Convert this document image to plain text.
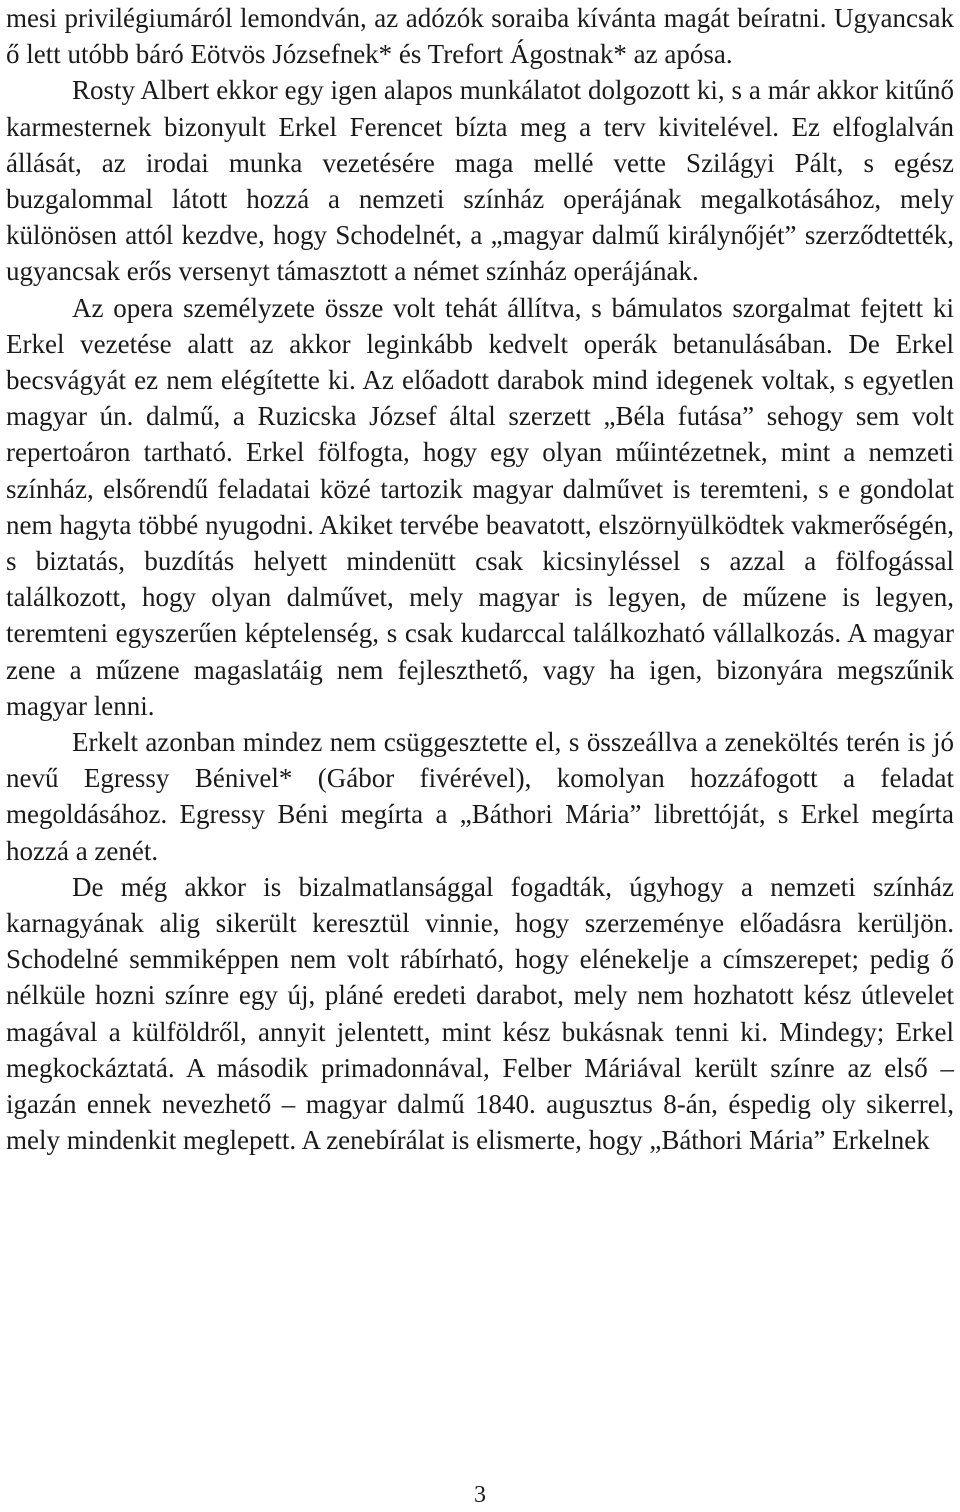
mesi privilégiumáról lemondván, az adózók soraiba kívánta magát beíratni. Ugyancsak ő lett utóbb báró Eötvös Józsefnek* és Trefort Ágostnak* az apósa.

Rosty Albert ekkor egy igen alapos munkálatot dolgozott ki, s a már akkor kitűnő karmesternek bizonyult Erkel Ferencet bízta meg a terv kivitelével. Ez elfoglalván állását, az irodai munka vezetésére maga mellé vette Szilágyi Pált, s egész buzgalommal látott hozzá a nemzeti színház operájának megalkotásához, mely különösen attól kezdve, hogy Schodelnét, a „magyar dalmű királynőjét” szerződtették, ugyancsak erős versenyt támasztott a német színház operájának.

Az opera személyzete össze volt tehát állítva, s bámulatos szorgalmat fejtett ki Erkel vezetése alatt az akkor leginkább kedvelt operák betanulásában. De Erkel becsvágyát ez nem elégítette ki. Az előadott darabok mind idegenek voltak, s egyetlen magyar ún. dalmű, a Ruzicska József által szerzett „Béla futása” sehogy sem volt repertoáron tartható. Erkel fölfogta, hogy egy olyan műintézetnek, mint a nemzeti színház, elsőrendű feladatai közé tartozik magyar dalművet is teremteni, s e gondolat nem hagyta többé nyugodni. Akiket tervébe beavatott, elszörnyülködtek vakmerőségén, s biztatás, buzdítás helyett mindenütt csak kicsinyléssel s azzal a fölfogással találkozott, hogy olyan dalművet, mely magyar is legyen, de műzene is legyen, teremteni egyszerűen képtelenség, s csak kudarccal találkozható vállalkozás. A magyar zene a műzene magaslatáig nem fejleszthető, vagy ha igen, bizonyára megszűnik magyar lenni.

Erkelt azonban mindez nem csüggesztette el, s összeállva a zeneköltés terén is jó nevű Egressy Bénivel* (Gábor fivérével), komolyan hozzáfogott a feladat megoldásához. Egressy Béni megírta a „Báthori Mária” librettóját, s Erkel megírta hozzá a zenét.

De még akkor is bizalmatlansággal fogadták, úgyhogy a nemzeti színház karnagyának alig sikerült keresztül vinnie, hogy szerzeménye előadásra kerüljön. Schodelné semmiképpen nem volt rábírható, hogy elénekelje a címszerepet; pedig ő nélküle hozni színre egy új, pláné eredeti darabot, mely nem hozhatott kész útlevelet magával a külföldről, annyit jelentett, mint kész bukásnak tenni ki. Mindegy; Erkel megkockáztatá. A második primadonnával, Felber Máriával került színre az első – igazán ennek nevezhető – magyar dalmű 1840. augusztus 8-án, éspedig oly sikerrel, mely mindenkit meglepett. A zenebírálat is elismerte, hogy „Báthori Mária” Erkelnek

3
